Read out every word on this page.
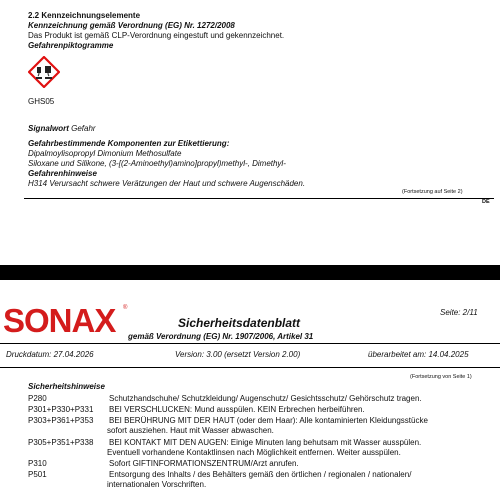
2.2 Kennzeichnungselemente
Kennzeichnung gemäß Verordnung (EG) Nr. 1272/2008
Das Produkt ist gemäß CLP-Verordnung eingestuft und gekennzeichnet.
Gefahrenpiktogramme
GHS05
Signalwort Gefahr
Gefahrbestimmende Komponenten zur Etikettierung:
Dipalmoylisopropyl Dimonium Methosulfate
Siloxane und Silikone, (3-[(2-Aminoethyl)amino]propyl)methyl-, Dimethyl-
Gefahrenhinweise
H314 Verursacht schwere Verätzungen der Haut und schwere Augenschäden.
(Fortsetzung auf Seite 2)
DE
SONAX ®	Seite: 2/11
Sicherheitsdatenblatt
gemäß Verordnung (EG) Nr. 1907/2006, Artikel 31
Druckdatum: 27.04.2026	Version: 3.00 (ersetzt Version 2.00)	überarbeitet am: 14.04.2025
(Fortsetzung von Seite 1)
Sicherheitshinweise
P280	Schutzhandschuhe/ Schutzkleidung/ Augenschutz/ Gesichtsschutz/ Gehörschutz tragen.
P301+P330+P331 BEI VERSCHLUCKEN: Mund ausspülen. KEIN Erbrechen herbeiführen.
P303+P361+P353 BEI BERÜHRUNG MIT DER HAUT (oder dem Haar): Alle kontaminierten Kleidungsstücke
sofort ausziehen. Haut mit Wasser abwaschen.
P305+P351+P338 BEI KONTAKT MIT DEN AUGEN: Einige Minuten lang behutsam mit Wasser ausspülen.
Eventuell vorhandene Kontaktlinsen nach Möglichkeit entfernen. Weiter ausspülen.
P310	Sofort GIFTINFORMATIONSZENTRUM/Arzt anrufen.
P501	Entsorgung des Inhalts / des Behälters gemäß den örtlichen / regionalen / nationalen/
internationalen Vorschriften.
